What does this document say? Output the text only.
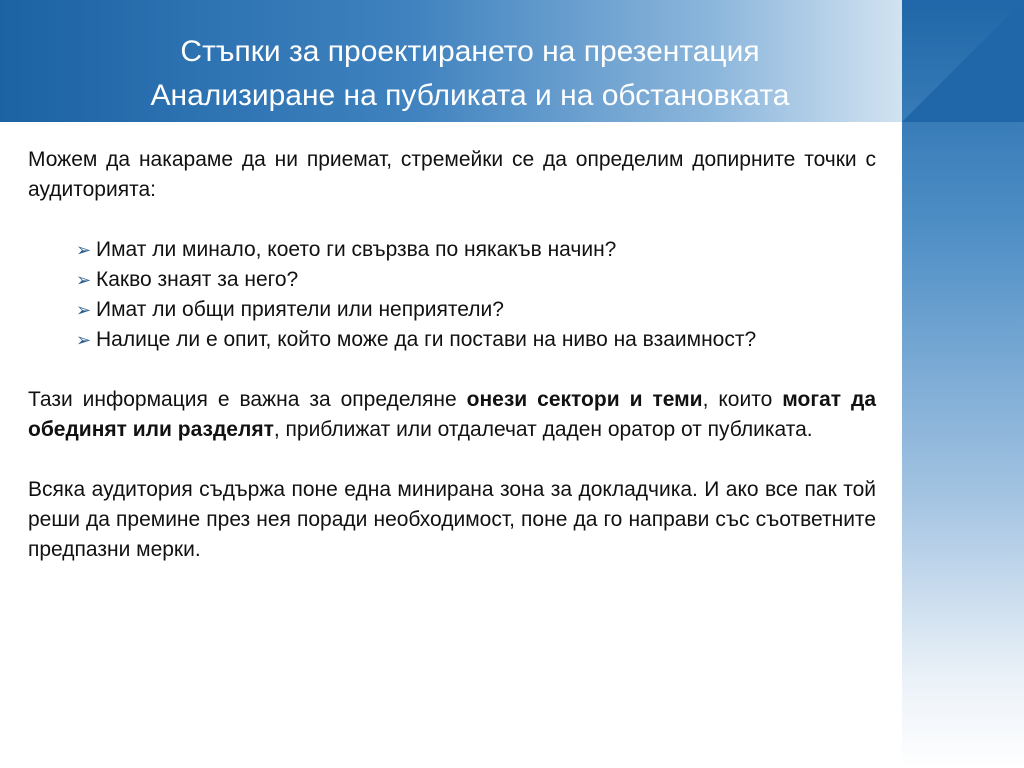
Стъпки за проектирането на презентация
Анализиране на публиката и на обстановката

Можем да накараме да ни приемат, стремейки се да определим допирните точки с аудиторията:

➢ Имат ли минало, което ги свързва по някакъв начин?
➢ Какво знаят за него?
➢ Имат ли общи приятели или неприятели?
➢ Налице ли е опит, който може да ги постави на ниво на взаимност?

Тази информация е важна за определяне онези сектори и теми, които могат да обединят или разделят, приближат или отдалечат даден оратор от публиката.

Всяка аудитория съдържа поне една минирана зона за докладчика. И ако все пак той реши да премине през нея поради необходимост, поне да го направи със съответните предпазни мерки.
